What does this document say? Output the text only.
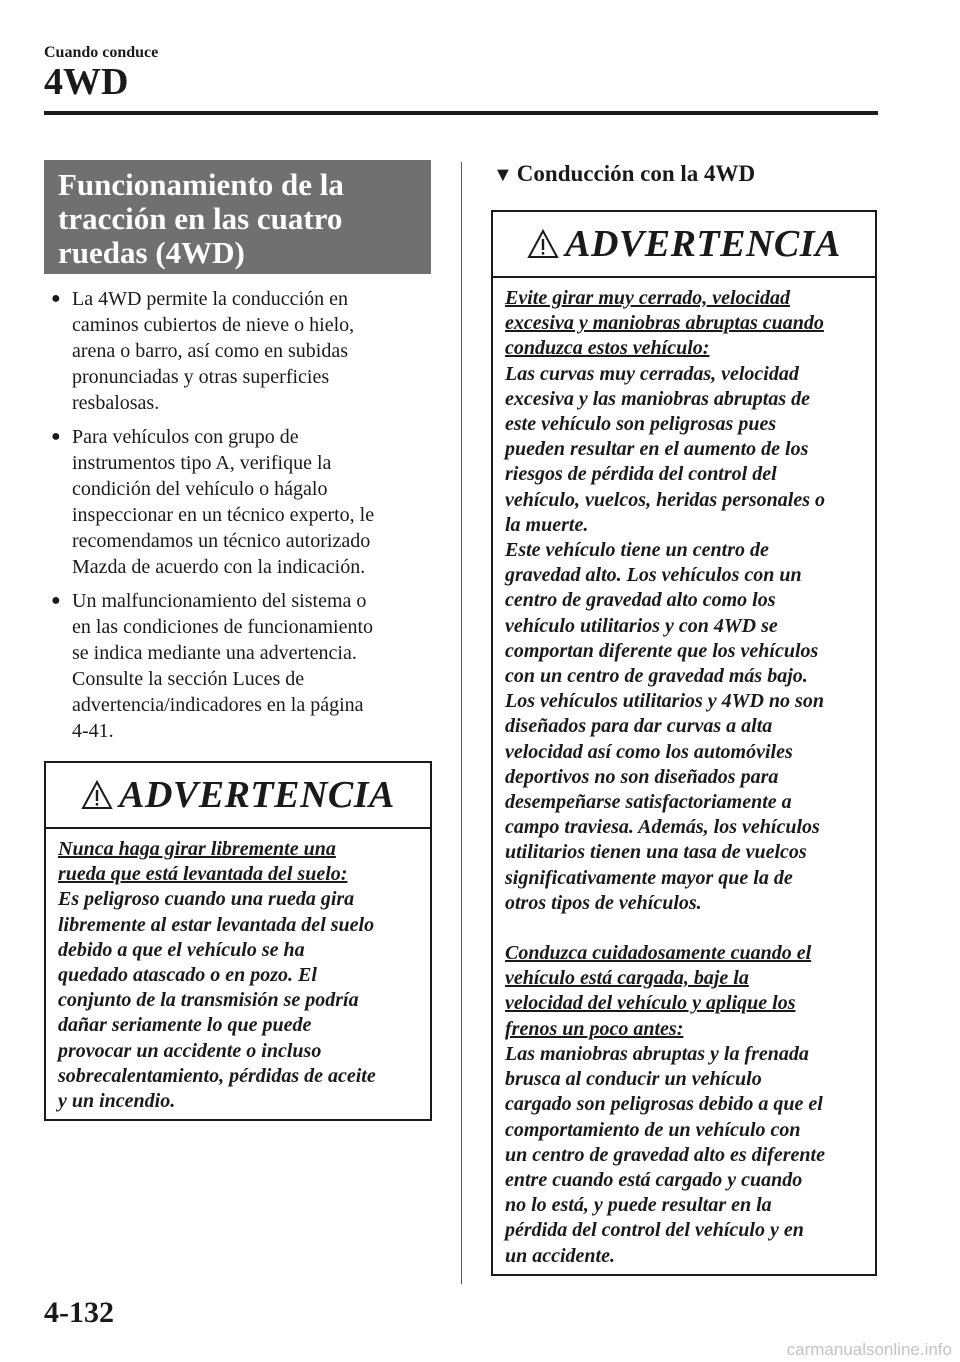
Cuando conduce
4WD
Funcionamiento de la
tracción en las cuatro
ruedas (4WD)
● La 4WD permite la conducción en
caminos cubiertos de nieve o hielo,
arena o barro, así como en subidas
pronunciadas y otras superficies
resbalosas.
● Para vehículos con grupo de
instrumentos tipo A, verifique la
condición del vehículo o hágalo
inspeccionar en un técnico experto, le
recomendamos un técnico autorizado
Mazda de acuerdo con la indicación.
● Un malfuncionamiento del sistema o
en las condiciones de funcionamiento
se indica mediante una advertencia.
Consulte la sección Luces de
advertencia/indicadores en la página
4-41.
ADVERTENCIA
Nunca haga girar libremente una
rueda que está levantada del suelo:
Es peligroso cuando una rueda gira
libremente al estar levantada del suelo
debido a que el vehículo se ha
quedado atascado o en pozo. El
conjunto de la transmisión se podría
dañar seriamente lo que puede
provocar un accidente o incluso
sobrecalentamiento, pérdidas de aceite
y un incendio.
▼ Conducción con la 4WD
ADVERTENCIA
Evite girar muy cerrado, velocidad
excesiva y maniobras abruptas cuando
conduzca estos vehículo:
Las curvas muy cerradas, velocidad
excesiva y las maniobras abruptas de
este vehículo son peligrosas pues
pueden resultar en el aumento de los
riesgos de pérdida del control del
vehículo, vuelcos, heridas personales o
la muerte.
Este vehículo tiene un centro de
gravedad alto. Los vehículos con un
centro de gravedad alto como los
vehículo utilitarios y con 4WD se
comportan diferente que los vehículos
con un centro de gravedad más bajo.
Los vehículos utilitarios y 4WD no son
diseñados para dar curvas a alta
velocidad así como los automóviles
deportivos no son diseñados para
desempeñarse satisfactoriamente a
campo traviesa. Además, los vehículos
utilitarios tienen una tasa de vuelcos
significativamente mayor que la de
otros tipos de vehículos.
Conduzca cuidadosamente cuando el
vehículo está cargada, baje la
velocidad del vehículo y aplique los
frenos un poco antes:
Las maniobras abruptas y la frenada
brusca al conducir un vehículo
cargado son peligrosas debido a que el
comportamiento de un vehículo con
un centro de gravedad alto es diferente
entre cuando está cargado y cuando
no lo está, y puede resultar en la
pérdida del control del vehículo y en
un accidente.
4-132
carmanualsonline.info
